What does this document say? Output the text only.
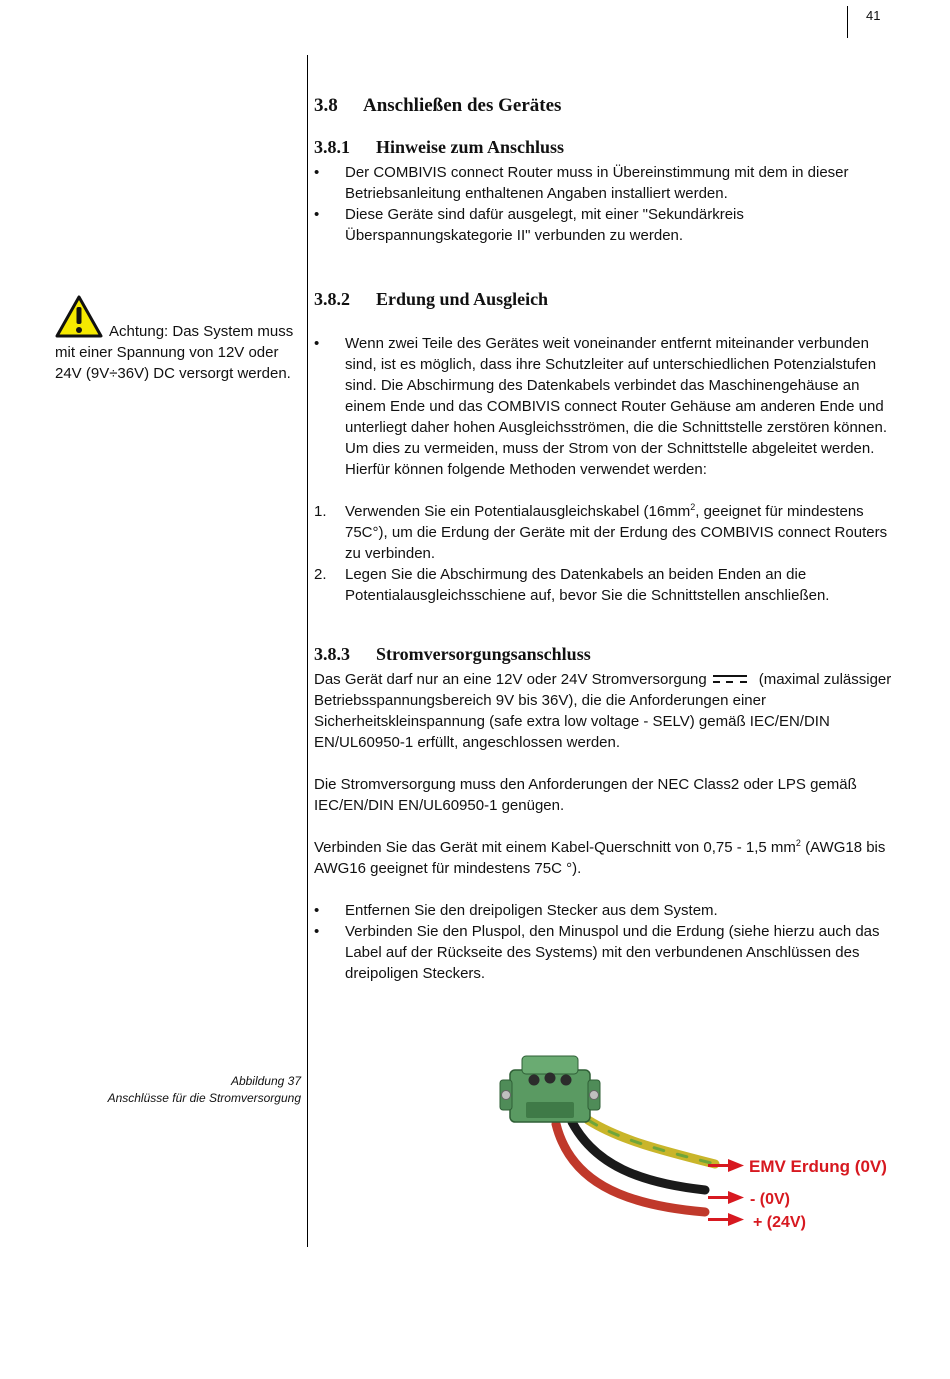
41
Achtung: Das System muss mit einer Spannung von 12V oder 24V (9V÷36V) DC versorgt werden.
Abbildung 37
Anschlüsse für die Stromversorgung
3.8 Anschließen des Gerätes
3.8.1 Hinweise zum Anschluss
• Der COMBIVIS connect Router muss in Übereinstimmung mit dem in dieser Betriebsanleitung enthaltenen Angaben installiert werden.
• Diese Geräte sind dafür ausgelegt, mit einer "Sekundärkreis Überspannungskategorie II" verbunden zu werden.
3.8.2 Erdung und Ausgleich
• Wenn zwei Teile des Gerätes weit voneinander entfernt miteinander verbunden sind, ist es möglich, dass ihre Schutzleiter auf unterschiedlichen Potenzialstufen sind. Die Abschirmung des Datenkabels verbindet das Maschinengehäuse an einem Ende und das COMBIVIS connect Router Gehäuse am anderen Ende und unterliegt daher hohen Ausgleichsströmen, die die Schnittstelle zerstören können. Um dies zu vermeiden, muss der Strom von der Schnittstelle abgeleitet werden. Hierfür können folgende Methoden verwendet werden:
1. Verwenden Sie ein Potentialausgleichskabel ($16mm^2$, geeignet für mindestens 75C°), um die Erdung der Geräte mit der Erdung des COMBIVIS connect Routers zu verbinden.
2. Legen Sie die Abschirmung des Datenkabels an beiden Enden an die Potentialausgleichsschiene auf, bevor Sie die Schnittstellen anschließen.
3.8.3 Stromversorgungsanschluss

Das Gerät darf nur an eine 12V oder 24V Stromversorgung	(maximal zulässiger Betriebsspannungsbereich 9V bis 36V), die die Anforderungen einer Sicherheitskleinspannung (safe extra low voltage - SELV) gemäß IEC/EN/DIN EN/UL60950-1 erfüllt, angeschlossen werden.

Die Stromversorgung muss den Anforderungen der NEC Class2 oder LPS gemäß IEC/EN/DIN EN/UL60950-1 genügen.

Verbinden Sie das Gerät mit einem Kabel-Querschnitt von 0,75 - 1,5 $mm^2$ (AWG18 bis AWG16 geeignet für mindestens 75C °).

• Entfernen Sie den dreipoligen Stecker aus dem System.
• Verbinden Sie den Pluspol, den Minuspol und die Erdung (siehe hierzu auch das Label auf der Rückseite des Systems) mit den verbundenen Anschlüssen des dreipoligen Steckers.
EMV Erdung (0V)
- (0V)
+ (24V)
